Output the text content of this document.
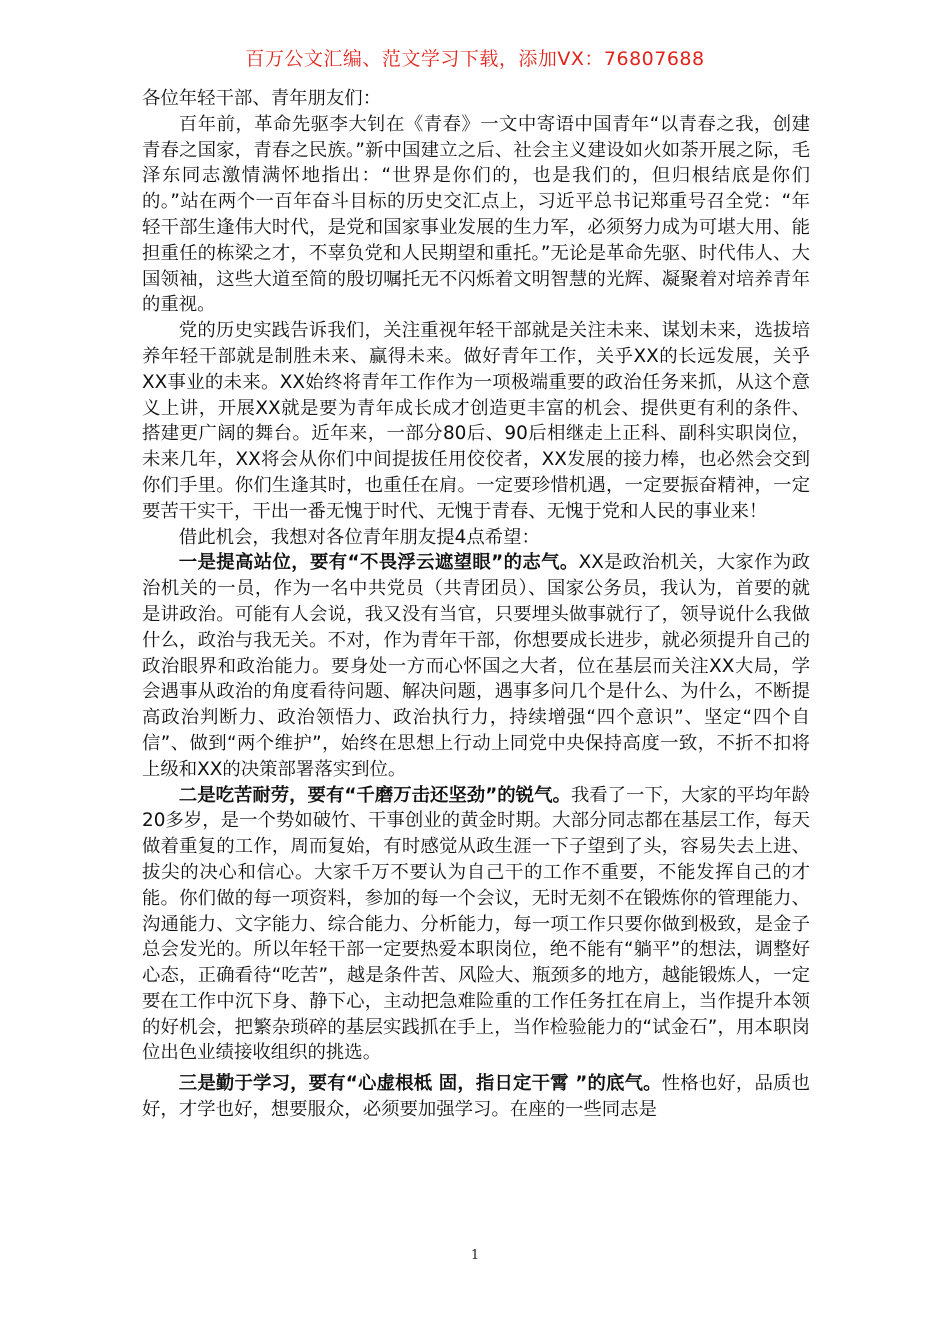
百万公文汇编、范文学习下载，添加VX：76807688

各位年轻干部、青年朋友们：

百年前，革命先驱李大钊在《青春》一文中寄语中国青年“以青春之我，创建青春之国家，青春之民族。”新中国建立之后、社会主义建设如火如荼开展之际，毛泽东同志激情满怀地指出：“世界是你们的，也是我们的，但归根结底是你们的。”站在两个一百年奋斗目标的历史交汇点上，习近平总书记郑重号召全党：“年轻干部生逢伟大时代，是党和国家事业发展的生力军，必须努力成为可堪大用、能担重任的栋梁之才，不辜负党和人民期望和重托。”无论是革命先驱、时代伟人、大国领袖，这些大道至简的殷切嘱托无不闪烁着文明智慧的光辉、凝聚着对培养青年的重视。

党的历史实践告诉我们，关注重视年轻干部就是关注未来、谋划未来，选拔培养年轻干部就是制胜未来、赢得未来。做好青年工作，关乎XX的长远发展，关乎XX事业的未来。XX始终将青年工作作为一项极端重要的政治任务来抓，从这个意义上讲，开展XX就是要为青年成长成才创造更丰富的机会、提供更有利的条件、搭建更广阔的舞台。近年来，一部分80后、90后相继走上正科、副科实职岗位，未来几年，XX将会从你们中间提拔任用佼佼者，XX发展的接力棒，也必然会交到你们手里。你们生逢其时，也重任在肩。一定要珍惜机遇，一定要振奋精神，一定要苦干实干，干出一番无愧于时代、无愧于青春、无愧于党和人民的事业来！

借此机会，我想对各位青年朋友提4点希望：

一是提高站位，要有“不畏浮云遮望眼”的志气。XX是政治机关，大家作为政治机关的一员，作为一名中共党员（共青团员）、国家公务员，我认为，首要的就是讲政治。可能有人会说，我又没有当官，只要埋头做事就行了，领导说什么我做什么，政治与我无关。不对，作为青年干部，你想要成长进步，就必须提升自己的政治眼界和政治能力。要身处一方而心怀国之大者，位在基层而关注XX大局，学会遇事从政治的角度看待问题、解决问题，遇事多问几个是什么、为什么，不断提高政治判断力、政治领悟力、政治执行力，持续增强“四个意识”、坚定“四个自信”、做到“两个维护”，始终在思想上行动上同党中央保持高度一致，不折不扣将上级和XX的决策部署落实到位。

二是吃苦耐劳，要有“千磨万击还坚劲”的锐气。我看了一下，大家的平均年龄20多岁，是一个势如破竹、干事创业的黄金时期。大部分同志都在基层工作，每天做着重复的工作，周而复始，有时感觉从政生涯一下子望到了头，容易失去上进、拔尖的决心和信心。大家千万不要认为自己干的工作不重要，不能发挥自己的才能。你们做的每一项资料，参加的每一个会议，无时无刻不在锻炼你的管理能力、沟通能力、文字能力、综合能力、分析能力，每一项工作只要你做到极致，是金子总会发光的。所以年轻干部一定要热爱本职岗位，绝不能有“躺平”的想法，调整好心态，正确看待“吃苦”，越是条件苦、风险大、瓶颈多的地方，越能锻炼人，一定要在工作中沉下身、静下心，主动把急难险重的工作任务扛在肩上，当作提升本领的好机会，把繁杂琐碎的基层实践抓在手上，当作检验能力的“试金石”，用本职岗位出色业绩接收组织的挑选。

三是勤于学习，要有“心虚根柢 固，指日定干霄 ”的底气。性格也好，品质也好，才学也好，想要服众，必须要加强学习。在座的一些同志是

1
